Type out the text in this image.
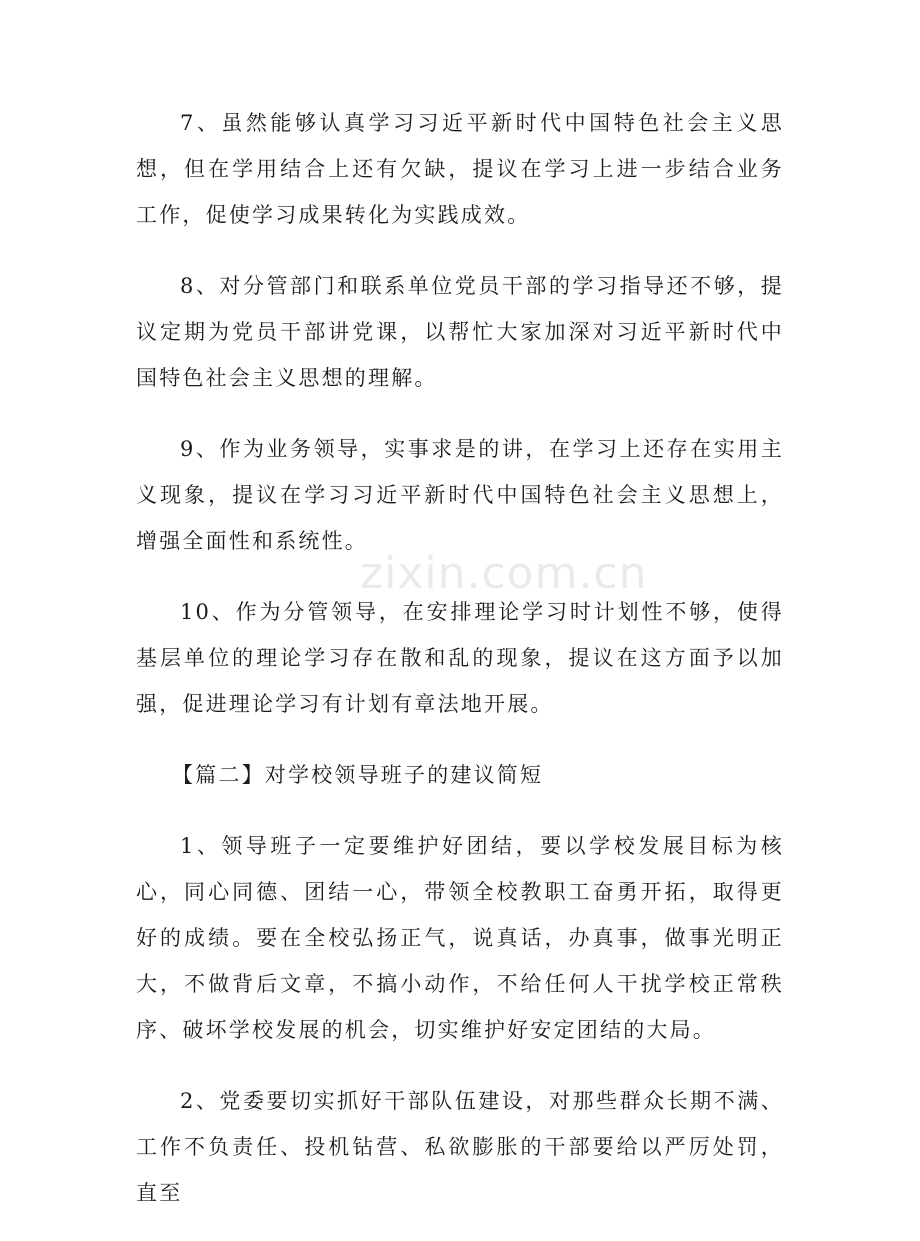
7、虽然能够认真学习习近平新时代中国特色社会主义思想，但在学用结合上还有欠缺，提议在学习上进一步结合业务工作，促使学习成果转化为实践成效。

8、对分管部门和联系单位党员干部的学习指导还不够，提议定期为党员干部讲党课，以帮忙大家加深对习近平新时代中国特色社会主义思想的理解。

9、作为业务领导，实事求是的讲，在学习上还存在实用主义现象，提议在学习习近平新时代中国特色社会主义思想上，增强全面性和系统性。

10、作为分管领导，在安排理论学习时计划性不够，使得基层单位的理论学习存在散和乱的现象，提议在这方面予以加强，促进理论学习有计划有章法地开展。

【篇二】对学校领导班子的建议简短

1、领导班子一定要维护好团结，要以学校发展目标为核心，同心同德、团结一心，带领全校教职工奋勇开拓，取得更好的成绩。要在全校弘扬正气，说真话，办真事，做事光明正大，不做背后文章，不搞小动作，不给任何人干扰学校正常秩序、破坏学校发展的机会，切实维护好安定团结的大局。

2、党委要切实抓好干部队伍建设，对那些群众长期不满、工作不负责任、投机钻营、私欲膨胀的干部要给以严厉处罚，直至

zixin.com.cn
